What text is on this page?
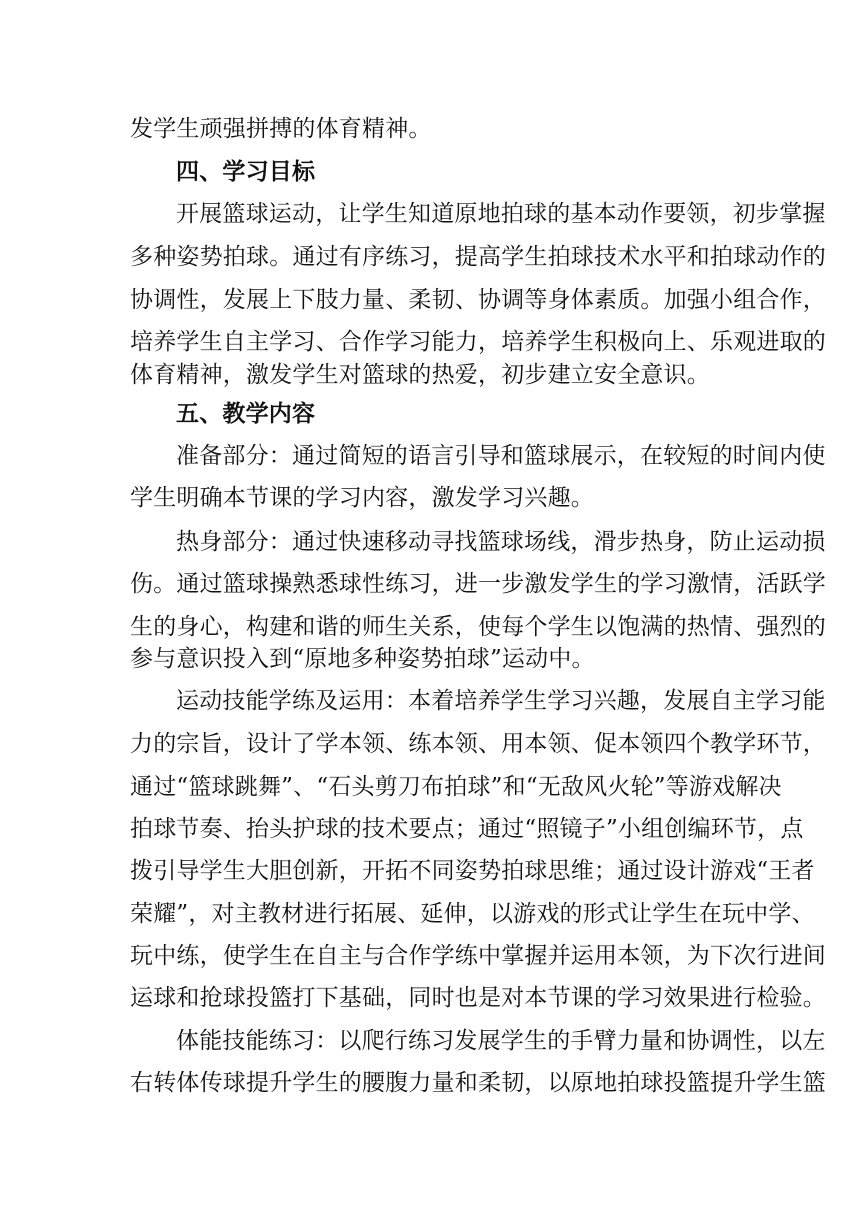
发学生顽强拼搏的体育精神。
四、学习目标
开展篮球运动，让学生知道原地拍球的基本动作要领，初步掌握
多种姿势拍球。通过有序练习，提高学生拍球技术水平和拍球动作的
协调性，发展上下肢力量、柔韧、协调等身体素质。加强小组合作，
培养学生自主学习、合作学习能力，培养学生积极向上、乐观进取的
体育精神，激发学生对篮球的热爱，初步建立安全意识。
五、教学内容
准备部分：通过简短的语言引导和篮球展示，在较短的时间内使
学生明确本节课的学习内容，激发学习兴趣。
热身部分：通过快速移动寻找篮球场线，滑步热身，防止运动损
伤。通过篮球操熟悉球性练习，进一步激发学生的学习激情，活跃学
生的身心，构建和谐的师生关系，使每个学生以饱满的热情、强烈的
参与意识投入到“原地多种姿势拍球”运动中。
运动技能学练及运用：本着培养学生学习兴趣，发展自主学习能
力的宗旨，设计了学本领、练本领、用本领、促本领四个教学环节，
通过“篮球跳舞”、“石头剪刀布拍球”和“无敌风火轮”等游戏解决
拍球节奏、抬头护球的技术要点；通过“照镜子”小组创编环节，点
拨引导学生大胆创新，开拓不同姿势拍球思维；通过设计游戏“王者
荣耀”，对主教材进行拓展、延伸，以游戏的形式让学生在玩中学、
玩中练，使学生在自主与合作学练中掌握并运用本领，为下次行进间
运球和抢球投篮打下基础，同时也是对本节课的学习效果进行检验。
体能技能练习：以爬行练习发展学生的手臂力量和协调性，以左
右转体传球提升学生的腰腹力量和柔韧，以原地拍球投篮提升学生篮
